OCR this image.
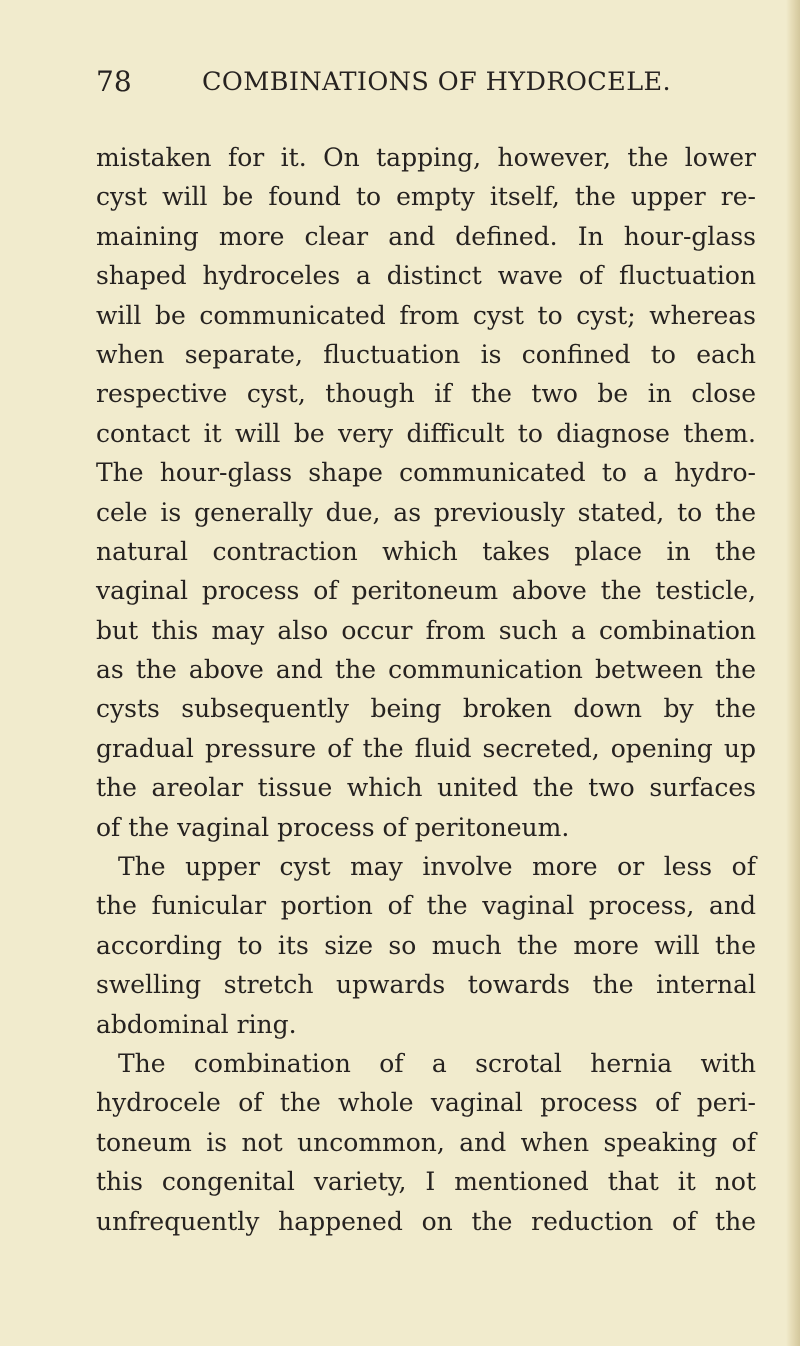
78	COMBINATIONS OF HYDROCELE.
mistaken for it. On tapping, however, the lower
cyst will be found to empty itself, the upper re-
maining more clear and defined. In hour-glass
shaped hydroceles a distinct wave of fluctuation
will be communicated from cyst to cyst; whereas
when separate, fluctuation is confined to each
respective cyst, though if the two be in close
contact it will be very difficult to diagnose them.
The hour-glass shape communicated to a hydro-
cele is generally due, as previously stated, to the
natural contraction which takes place in the
vaginal process of peritoneum above the testicle,
but this may also occur from such a combination
as the above and the communication between the
cysts subsequently being broken down by the
gradual pressure of the fluid secreted, opening up
the areolar tissue which united the two surfaces
of the vaginal process of peritoneum.
The upper cyst may involve more or less of
the funicular portion of the vaginal process, and
according to its size so much the more will the
swelling stretch upwards towards the internal
abdominal ring.
The combination of a scrotal hernia with
hydrocele of the whole vaginal process of peri-
toneum is not uncommon, and when speaking of
this congenital variety, I mentioned that it not
unfrequently happened on the reduction of the
